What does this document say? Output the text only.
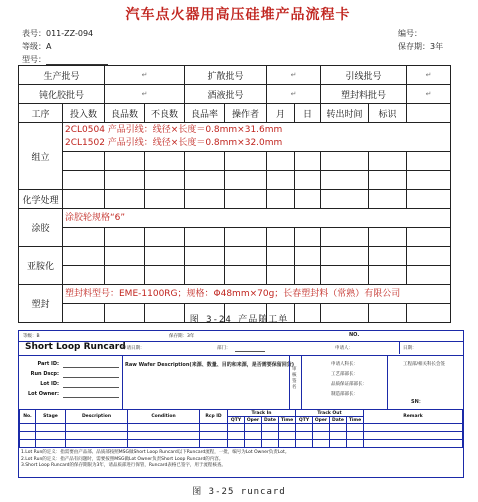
汽车点火器用高压硅堆产品流程卡
表号：011-ZZ-094
等级：A
型号：
编号：
保存期：3年
生产批号		↵		扩散批号		↵		引线批号		↵
钝化胶批号		↵		酒液批号		↵		塑封料批号		↵
工序	投入数	良品数	不良数	良品率	操作者	月	日	转出时间	标识	
组立	2CL0504 产品引线：线径×长度＝0.8mm×31.6mm
2CL1502 产品引线：线径×长度＝0.8mm×32.0mm									

化学处理										
涂胶	涂胶轮规格“6”									

亚胺化										

塑封	塑封料型号：EME-1100RG；规格：Φ48mm×70g；长春塑封料（常熟）有限公司									

图 3-24 产品随工单
等级：B	保存期：3年	NO.
Short Loop Runcard
申请日期：	部门：	申请人：	日期：
Part ID:
Run Dscp:
Lot ID:
Lot Owner:
Raw Wafer Description(来源、数量、目的和来源，是否需要保留回货)
审核签名
申请人科长：
工艺部部长：
品质保证部部长：
制造部部长：
工程部/相关科长会签
SN：
No.	Stage	Description	Condition	Rcp ID	Track In				Track Out				Remark
					QTY	Oper	Date	Time	QTY	Oper	Date	Time	

1.Lot Run的定义：指需要由产品部、品质部按照MSG做Short Loop Runcard以下Runcard流程，一批，编号为Lot Owner负责Lot。
2.Lot Run的定义：指产品有问题时，需要按照MSG做Lot Owner负责Short Loop Runcard的内容。
3.Short Loop Runcard的保存期限为3年，请品质部进行保管，Runcard表格已签字，用于流程核查。
图 3-25 runcard
